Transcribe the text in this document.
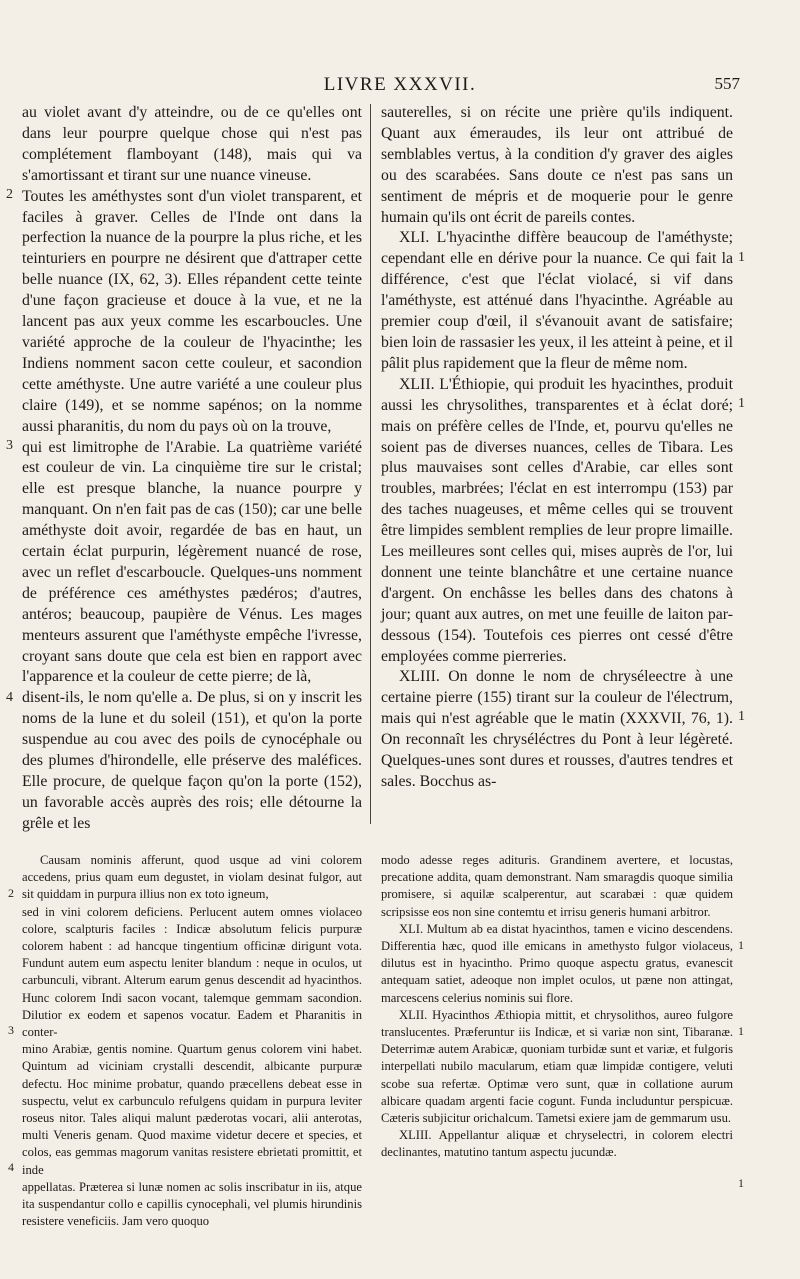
LIVRE XXXVII.	557

au violet avant d'y atteindre, ou de ce qu'elles ont dans leur pourpre quelque chose qui n'est pas complétement flamboyant (148), mais qui va s'amortissant et tirant sur une nuance vineuse.

Toutes les améthystes sont d'un violet transparent, et faciles à graver. Celles de l'Inde ont dans la perfection la nuance de la pourpre la plus riche, et les teinturiers en pourpre ne désirent que d'attraper cette belle nuance (IX, 62, 3). Elles répandent cette teinte d'une façon gracieuse et douce à la vue, et ne la lancent pas aux yeux comme les escarboucles. Une variété approche de la couleur de l'hyacinthe; les Indiens nomment sacon cette couleur, et sacondion cette améthyste. Une autre variété a une couleur plus claire (149), et se nomme sapénos; on la nomme aussi pharanitis, du nom du pays où on la trouve,

qui est limitrophe de l'Arabie. La quatrième variété est couleur de vin. La cinquième tire sur le cristal; elle est presque blanche, la nuance pourpre y manquant. On n'en fait pas de cas (150); car une belle améthyste doit avoir, regardée de bas en haut, un certain éclat purpurin, légèrement nuancé de rose, avec un reflet d'escarboucle. Quelques-uns nomment de préférence ces améthystes pædéros; d'autres, antéros; beaucoup, paupière de Vénus. Les mages menteurs assurent que l'améthyste empêche l'ivresse, croyant sans doute que cela est bien en rapport avec l'apparence et la couleur de cette pierre; de là,

disent-ils, le nom qu'elle a. De plus, si on y inscrit les noms de la lune et du soleil (151), et qu'on la porte suspendue au cou avec des poils de cynocéphale ou des plumes d'hirondelle, elle préserve des maléfices. Elle procure, de quelque façon qu'on la porte (152), un favorable accès auprès des rois; elle détourne la grêle et les

sauterelles, si on récite une prière qu'ils indiquent. Quant aux émeraudes, ils leur ont attribué de semblables vertus, à la condition d'y graver des aigles ou des scarabées. Sans doute ce n'est pas sans un sentiment de mépris et de moquerie pour le genre humain qu'ils ont écrit de pareils contes.

XLI. L'hyacinthe diffère beaucoup de l'améthyste; cependant elle en dérive pour la nuance. Ce qui fait la différence, c'est que l'éclat violacé, si vif dans l'améthyste, est atténué dans l'hyacinthe. Agréable au premier coup d'œil, il s'évanouit avant de satisfaire; bien loin de rassasier les yeux, il les atteint à peine, et il pâlit plus rapidement que la fleur de même nom.

XLII. L'Éthiopie, qui produit les hyacinthes, produit aussi les chrysolithes, transparentes et à éclat doré; mais on préfère celles de l'Inde, et, pourvu qu'elles ne soient pas de diverses nuances, celles de Tibara. Les plus mauvaises sont celles d'Arabie, car elles sont troubles, marbrées; l'éclat en est interrompu (153) par des taches nuageuses, et même celles qui se trouvent être limpides semblent remplies de leur propre limaille. Les meilleures sont celles qui, mises auprès de l'or, lui donnent une teinte blanchâtre et une certaine nuance d'argent. On enchâsse les belles dans des chatons à jour; quant aux autres, on met une feuille de laiton par-dessous (154). Toutefois ces pierres ont cessé d'être employées comme pierreries.

XLIII. On donne le nom de chryséleectre à une certaine pierre (155) tirant sur la couleur de l'électrum, mais qui n'est agréable que le matin (XXXVII, 76, 1). On reconnaît les chryséléctres du Pont à leur légèreté. Quelques-unes sont dures et rousses, d'autres tendres et sales. Bocchus as-

Causam nominis afferunt, quod usque ad vini colorem accedens, prius quam eum degustet, in violam desinat fulgor, aut sit quiddam in purpura illius non ex toto igneum,

sed in vini colorem deficiens. Perlucent autem omnes violaceo colore, scalpturis faciles : Indicæ absolutum felicis purpuræ colorem habent : ad hancque tingentium officinæ dirigunt vota. Fundunt autem eum aspectu leniter blandum : neque in oculos, ut carbunculi, vibrant. Alterum earum genus descendit ad hyacinthos. Hunc colorem Indi sacon vocant, talemque gemmam sacondion. Dilutior ex eodem et sapenos vocatur. Eadem et Pharanitis in conter-

mino Arabiæ, gentis nomine. Quartum genus colorem vini habet. Quintum ad viciniam crystalli descendit, albicante purpuræ defectu. Hoc minime probatur, quando præcellens debeat esse in suspectu, velut ex carbunculo refulgens quidam in purpura leviter roseus nitor. Tales aliqui malunt pæderotas vocari, alii anterotas, multi Veneris genam. Quod maxime videtur decere et species, et colos, eas gemmas magorum vanitas resistere ebrietati promittit, et inde

appellatas. Præterea si lunæ nomen ac solis inscribatur in iis, atque ita suspendantur collo e capillis cynocephali, vel plumis hirundinis resistere veneficiis. Jam vero quoquo

modo adesse reges adituris. Grandinem avertere, et locustas, precatione addita, quam demonstrant. Nam smaragdis quoque similia promisere, si aquilæ scalperentur, aut scarabæi : quæ quidem scripsisse eos non sine contemtu et irrisu generis humani arbitror.

XLI. Multum ab ea distat hyacinthos, tamen e vicino descendens. Differentia hæc, quod ille emicans in amethysto fulgor violaceus, dilutus est in hyacintho. Primo quoque aspectu gratus, evanescit antequam satiet, adeoque non implet oculos, ut pæne non attingat, marcescens celerius nominis sui flore.

XLII. Hyacinthos Æthiopia mittit, et chrysolithos, aureo fulgore translucentes. Præferuntur iis Indicæ, et si variæ non sint, Tibaranæ. Deterrimæ autem Arabicæ, quoniam turbidæ sunt et variæ, et fulgoris interpellati nubilo macularum, etiam quæ limpidæ contigere, veluti scobe sua refertæ. Optimæ vero sunt, quæ in collatione aurum albicare quadam argenti facie cogunt. Funda includuntur perspicuæ. Cæteris subjicitur orichalcum. Tametsi exiere jam de gemmarum usu.

XLIII. Appellantur aliquæ et chryselectri, in colorem electri declinantes, matutino tantum aspectu jucundæ.

2
3
4
1
1
1
2
3
4
1
1
1
